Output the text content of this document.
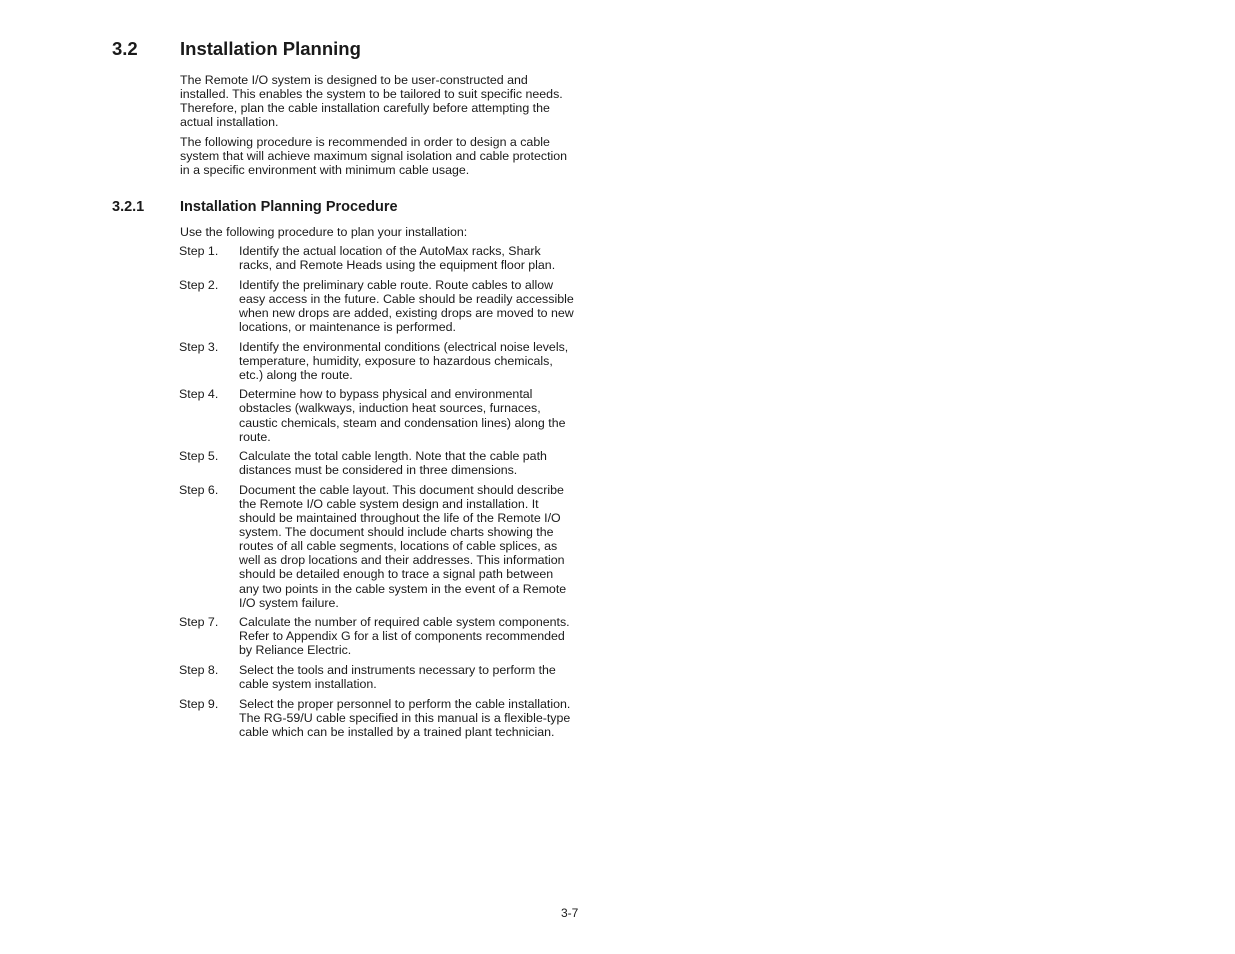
3.2 Installation Planning
The Remote I/O system is designed to be user-constructed and installed. This enables the system to be tailored to suit specific needs. Therefore, plan the cable installation carefully before attempting the actual installation.
The following procedure is recommended in order to design a cable system that will achieve maximum signal isolation and cable protection in a specific environment with minimum cable usage.
3.2.1 Installation Planning Procedure
Use the following procedure to plan your installation:
Step 1.	Identify the actual location of the AutoMax racks, Shark racks, and Remote Heads using the equipment floor plan.
Step 2.	Identify the preliminary cable route. Route cables to allow easy access in the future. Cable should be readily accessible when new drops are added, existing drops are moved to new locations, or maintenance is performed.
Step 3.	Identify the environmental conditions (electrical noise levels, temperature, humidity, exposure to hazardous chemicals, etc.) along the route.
Step 4.	Determine how to bypass physical and environmental obstacles (walkways, induction heat sources, furnaces, caustic chemicals, steam and condensation lines) along the route.
Step 5.	Calculate the total cable length. Note that the cable path distances must be considered in three dimensions.
Step 6.	Document the cable layout. This document should describe the Remote I/O cable system design and installation. It should be maintained throughout the life of the Remote I/O system. The document should include charts showing the routes of all cable segments, locations of cable splices, as well as drop locations and their addresses. This information should be detailed enough to trace a signal path between any two points in the cable system in the event of a Remote I/O system failure.
Step 7.	Calculate the number of required cable system components. Refer to Appendix G for a list of components recommended by Reliance Electric.
Step 8.	Select the tools and instruments necessary to perform the cable system installation.
Step 9.	Select the proper personnel to perform the cable installation. The RG-59/U cable specified in this manual is a flexible-type cable which can be installed by a trained plant technician.
3-7
